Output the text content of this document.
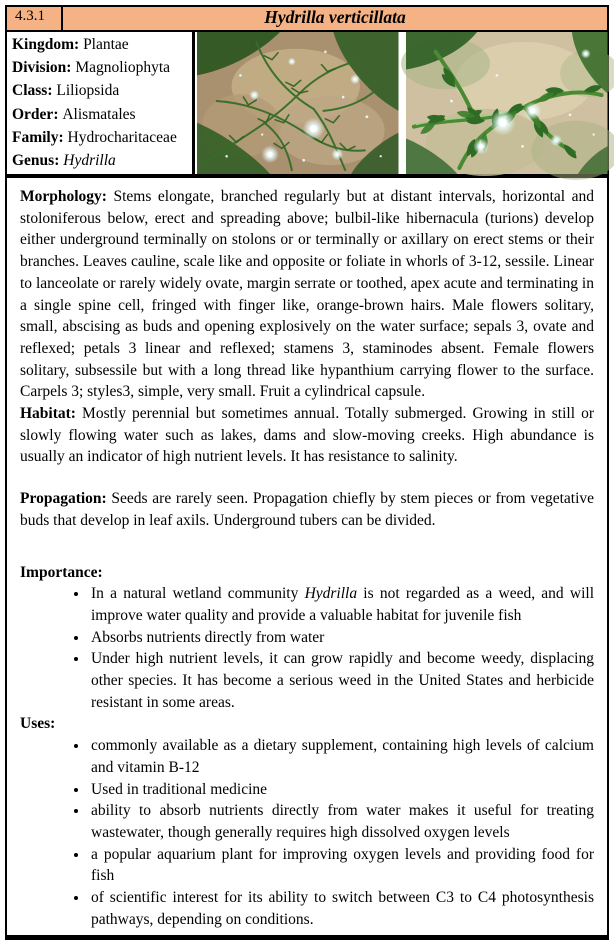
4.3.1	Hydrilla verticillata
Kingdom: Plantae
Division: Magnoliophyta
Class: Liliopsida
Order: Alismatales
Family: Hydrocharitaceae
Genus: Hydrilla

Morphology: Stems elongate, branched regularly but at distant intervals, horizontal and stoloniferous below, erect and spreading above; bulbil-like hibernacula (turions) develop either underground terminally on stolons or or terminally or axillary on erect stems or their branches. Leaves cauline, scale like and opposite or foliate in whorls of 3-12, sessile. Linear to lanceolate or rarely widely ovate, margin serrate or toothed, apex acute and terminating in a single spine cell, fringed with finger like, orange-brown hairs. Male flowers solitary, small, abscising as buds and opening explosively on the water surface; sepals 3, ovate and reflexed; petals 3 linear and reflexed; stamens 3, staminodes absent. Female flowers solitary, subsessile but with a long thread like hypanthium carrying flower to the surface. Carpels 3; styles3, simple, very small. Fruit a cylindrical capsule.

Habitat: Mostly perennial but sometimes annual. Totally submerged. Growing in still or slowly flowing water such as lakes, dams and slow-moving creeks. High abundance is usually an indicator of high nutrient levels. It has resistance to salinity.

Propagation: Seeds are rarely seen. Propagation chiefly by stem pieces or from vegetative buds that develop in leaf axils. Underground tubers can be divided.

Importance:

• In a natural wetland community Hydrilla is not regarded as a weed, and will improve water quality and provide a valuable habitat for juvenile fish
• Absorbs nutrients directly from water
• Under high nutrient levels, it can grow rapidly and become weedy, displacing other species. It has become a serious weed in the United States and herbicide resistant in some areas.

Uses:

• commonly available as a dietary supplement, containing high levels of calcium and vitamin B-12
• Used in traditional medicine
• ability to absorb nutrients directly from water makes it useful for treating wastewater, though generally requires high dissolved oxygen levels
• a popular aquarium plant for improving oxygen levels and providing food for fish
• of scientific interest for its ability to switch between C3 to C4 photosynthesis pathways, depending on conditions.
